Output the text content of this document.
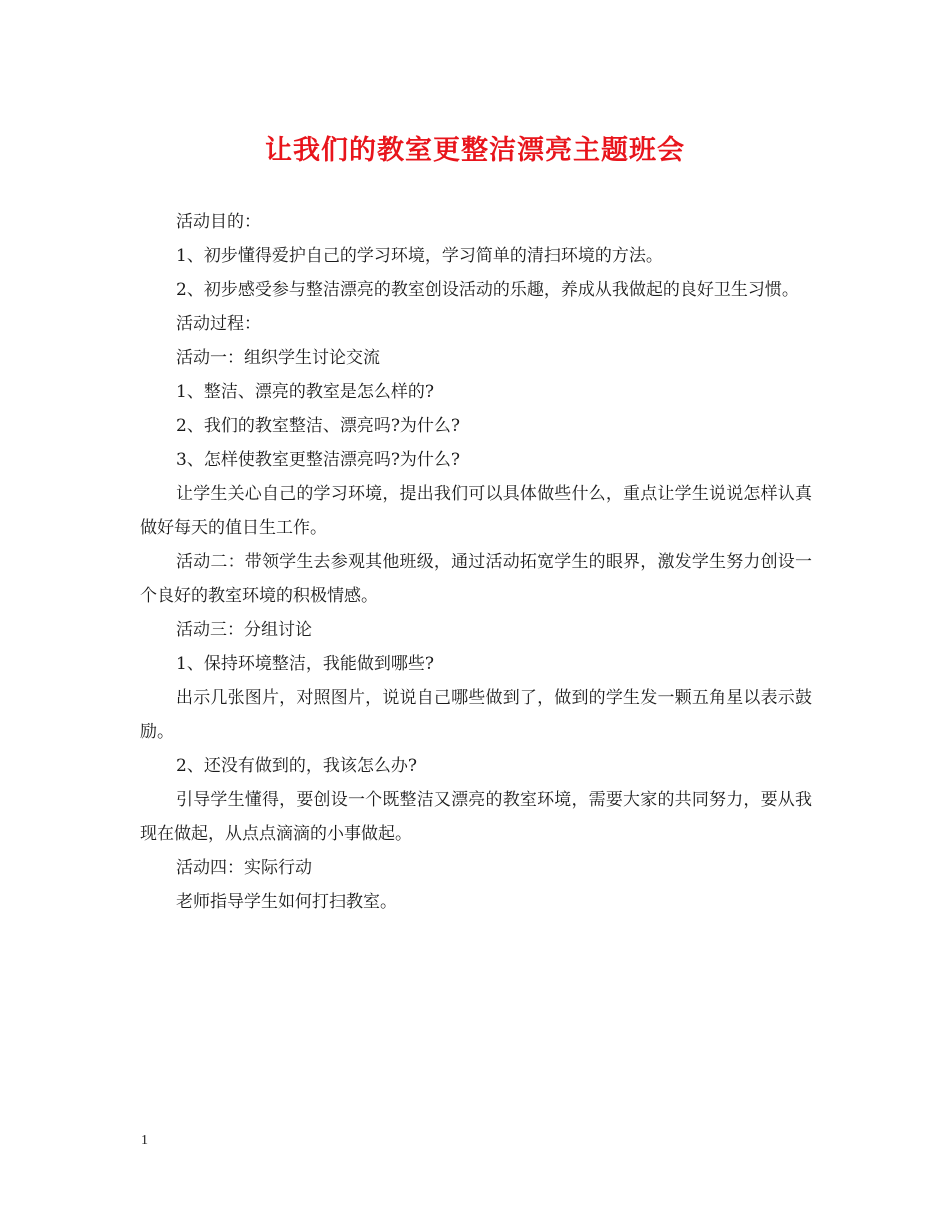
让我们的教室更整洁漂亮主题班会

活动目的：

1、初步懂得爱护自己的学习环境，学习简单的清扫环境的方法。

2、初步感受参与整洁漂亮的教室创设活动的乐趣，养成从我做起的良好卫生习惯。

活动过程：

活动一：组织学生讨论交流

1、整洁、漂亮的教室是怎么样的?

2、我们的教室整洁、漂亮吗?为什么?

3、怎样使教室更整洁漂亮吗?为什么?

让学生关心自己的学习环境，提出我们可以具体做些什么，重点让学生说说怎样认真做好每天的值日生工作。

活动二：带领学生去参观其他班级，通过活动拓宽学生的眼界，激发学生努力创设一个良好的教室环境的积极情感。

活动三：分组讨论

1、保持环境整洁，我能做到哪些?

出示几张图片，对照图片，说说自己哪些做到了，做到的学生发一颗五角星以表示鼓励。

2、还没有做到的，我该怎么办?

引导学生懂得，要创设一个既整洁又漂亮的教室环境，需要大家的共同努力，要从我现在做起，从点点滴滴的小事做起。

活动四：实际行动

老师指导学生如何打扫教室。

1
